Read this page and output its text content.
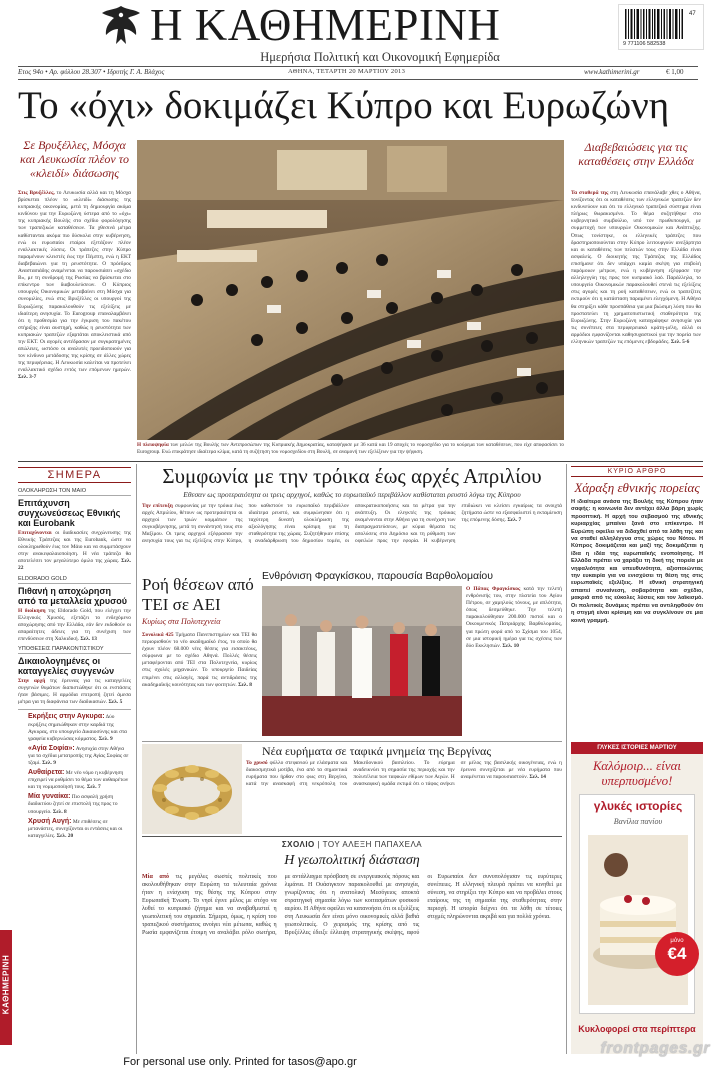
Η ΚΑΘΗΜΕΡΙΝΗ
Ημερήσια Πολιτική και Οικονομική Εφημερίδα
47
9 771106 582538
Ετος 94ο • Αρ. φύλλου 28.307 • Ιδρυτής Γ. Α. Βλάχος	ΑΘΗΝΑ, ΤΕΤΑΡΤΗ 20 ΜΑΡΤΙΟΥ 2013	www.kathimerini.gr	€ 1,00
Το «όχι» δοκιμάζει Κύπρο και Ευρωζώνη
Σε Βρυξέλλες, Μόσχα και Λευκωσία πλέον το «κλειδί» διάσωσης
Στις Βρυξέλλες, το Λευκωσία αλλά και τη Μόσχα βρίσκεται πλέον το «κλειδί» διάσωσης της κυπριακής οικονομίας, μετά τη δημιουργία ακόμα κινδύνου για την Ευρωζώνη ύστερα από το «όχι» της κυπριακής Βουλής στο σχέδιο φορολόγησης των τραπεζικών καταθέσεων. Τα χθεσινά μέτρα καθίστανται ακόμα πιο δύσκολα στην κυβέρνηση, ενώ οι ευρωπαίοι εταίροι εξετάζουν πλέον εναλλακτικές λύσεις. Οι τράπεζες στην Κύπρο παραμένουν κλειστές έως την Πέμπτη, ενώ η ΕΚΤ διαβεβαιώνει για τη ρευστότητα. Ο πρόεδρος Αναστασιάδης αναμένεται να παρουσιάσει «σχέδιο Β», με τη συνδρομή της Ρωσίας να βρίσκεται στο επίκεντρο των διαβουλεύσεων. Ο Κύπριος υπουργός Οικονομικών μεταβαίνει στη Μόσχα για συνομιλίες, ενώ στις Βρυξέλλες οι υπουργοί της Ευρωζώνης παρακολουθούν τις εξελίξεις με ιδιαίτερη ανησυχία. Το Eurogroup επαναλαμβάνει ότι η προθεσμία για την έγκριση του πακέτου στήριξης είναι αυστηρή, καθώς η ρευστότητα των κυπριακών τραπεζών εξαρτάται αποκλειστικά από την ΕΚΤ. Οι αγορές αντέδρασαν με συγκρατημένες απώλειες, ωστόσο οι αναλυτές προειδοποιούν για τον κίνδυνο μετάδοσης της κρίσης σε άλλες χώρες της περιφέρειας. Η Λευκωσία καλείται να προτείνει εναλλακτικό σχέδιο εντός των επόμενων ημερών. Σελ. 3-7
Η πλειοψηφία των μελών της Βουλής των Αντιπροσώπων της Κυπριακής Δημοκρατίας, καταψήφισε με 36 κατά και 19 αποχές το νομοσχέδιο για το κούρεμα των καταθέσεων, που είχε αποφασίσει το Eurogroup. Ενώ επικράτησε ιδιαίτερα κλίμα, κατά τη συζήτηση του νομοσχεδίου στη Βουλή, σε αναμονή των εξελίξεων για την ψήφιση.
Διαβεβαιώσεις για τις καταθέσεις στην Ελλάδα
Τα σταθερά της στη Λευκωσία επανάλαβε χθες ο Αθήνα, τονίζοντας ότι οι καταθέσεις των ελληνικών τραπεζών δεν κινδυνεύουν και ότι το ελληνικό τραπεζικό σύστημα είναι πλήρως θωρακισμένο. Το θέμα συζητήθηκε στο κυβερνητικό συμβούλιο, υπό τον πρωθυπουργό, με συμμετοχή των υπουργών Οικονομικών και Ανάπτυξης. Όπως τονίστηκε, οι ελληνικές τράπεζες που δραστηριοποιούνται στην Κύπρο λειτουργούν ανεξάρτητα και οι καταθέσεις των πελατών τους στην Ελλάδα είναι ασφαλείς. Ο διοικητής της Τράπεζας της Ελλάδος επισήμανε ότι δεν υπάρχει καμία σκέψη για επιβολή παρόμοιων μέτρων, ενώ η κυβέρνηση εξέφρασε την αλληλεγγύη της προς τον κυπριακό λαό. Παράλληλα, το υπουργείο Οικονομικών παρακολουθεί στενά τις εξελίξεις στις αγορές και τη ροή καταθέσεων, ενώ οι τραπεζίτες εκτιμούν ότι η κατάσταση παραμένει ελεγχόμενη. Η Αθήνα θα στηρίξει κάθε προσπάθεια για μια βιώσιμη λύση που θα προστατεύει τη χρηματοπιστωτική σταθερότητα της Ευρωζώνης. Στην Ευρωζώνη καταγράφηκε ανησυχία για τις συνέπειες στα περιφερειακά κράτη-μέλη, αλλά οι αρμόδιοι εμφανίζονται καθησυχαστικοί για την πορεία των ελληνικών τραπεζών τις επόμενες εβδομάδες. Σελ. 5-6
ΣΗΜΕΡΑ
ΟΛΟΚΛΗΡΩΣΗ ΤΟΝ ΜΑΙΟ
Επιτάχυνση συγχωνεύσεως Εθνικής και Eurobank
Επιταχύνονται οι διαδικασίες συγχώνευσης της Εθνικής Τράπεζας και της Eurobank, ώστε να ολοκληρωθούν έως τον Μάιο και να συμμετάσχουν στην ανακεφαλαιοποίηση. Η νέα τράπεζα θα αποτελέσει τον μεγαλύτερο όμιλο της χώρας. Σελ. 22
ELDORADO GOLD
Πιθανή η αποχώρηση από τα μεταλλεία χρυσού
Η διοίκηση της Eldorado Gold, που ελέγχει την Ελληνικός Χρυσός, εξετάζει το ενδεχόμενο αποχώρησης από την Ελλάδα, εάν δεν εκδοθούν οι απαραίτητες άδειες για τη συνέχιση των επενδύσεων στη Χαλκιδική. Σελ. 13
ΥΠΟΘΕΣΕΙΣ ΠΑΡΑΚΟΝΤΙΣΤΙΚΟΥ
Δικαιολογημένες οι καταγγελίες συγγενών
Στην αρχή της έρευνας για τις καταγγελίες συγγενών θυμάτων διαπιστώθηκε ότι οι ενστάσεις ήταν βάσιμες. Η αρμόδια επιτροπή ζητεί άμεσα μέτρα για τη διαφάνεια των διαδικασιών. Σελ. 5
Εκρήξεις στην Αγκυρα: Δύο εκρήξεις σημειώθηκαν στην καρδιά της Αγκυρας, στο υπουργείο Δικαιοσύνης και στα γραφεία κυβερνώσας κόμματος. Σελ. 9
«Αγία Σοφία»: Ανησυχία στην Αθήνα για τα σχέδια μετατροπής της Αγίας Σοφίας σε τζαμί. Σελ. 9
Αυθαίρετα: Με νέο νόμο η κυβέρνηση επιχειρεί να ρυθμίσει το θέμα των αυθαιρέτων και τη νομιμοποίησή τους. Σελ. 7
Μία γυναίκα: Πιο ασφαλή χρήση διαδικτύου ζητεί σε επιστολή της προς το υπουργείο. Σελ. 8
Χρυσή Αυγή: Με επιθέσεις σε μετανάστες, συνεχίζονται οι εντάσεις και οι καταγγελίες. Σελ. 20
ΚΑΘΗΜΕΡΙΝΗ
Συμφωνία με την τρόικα έως αρχές Απριλίου
Εθεσαν ως προτεραιότητα οι τρεις αρχηγοί, καθώς το ευρωπαϊκό περιβάλλον καθίσταται ρευστό λόγω της Κύπρου
Την επίτευξη συμφωνίας με την τρόικα έως αρχές Απριλίου, θέτουν ως προτεραιότητα οι αρχηγοί των τριών κομμάτων της συγκυβέρνησης, μετά τη συνάντησή τους στο Μαξίμου. Οι τρεις αρχηγοί εξέφρασαν την ανησυχία τους για τις εξελίξεις στην Κύπρο, που καθιστούν το ευρωπαϊκό περιβάλλον ιδιαίτερα ρευστό, και συμφώνησαν ότι η ταχύτερη δυνατή ολοκλήρωση της αξιολόγησης είναι κρίσιμη για τη σταθερότητα της χώρας. Συζητήθηκαν επίσης η αναδιάρθρωση του δημοσίου τομέα, οι αποκρατικοποιήσεις και τα μέτρα για την ανάπτυξη. Οι ελεγκτές της τρόικας αναμένονται στην Αθήνα για τη συνέχιση των διαπραγματεύσεων, με κύρια θέματα τις απολύσεις στο Δημόσιο και τη ρύθμιση των οφειλών προς την εφορία. Η κυβέρνηση επιδιώκει να κλείσει εγκαίρως τα ανοιχτά ζητήματα ώστε να εξασφαλιστεί η εκταμίευση της επόμενης δόσης. Σελ. 7
Ροή θέσεων από ΤΕΙ σε ΑΕΙ
Κυρίως στα Πολυτεχνεία
Συνολικά 425 Τμήματα Πανεπιστημίων και ΤΕΙ θα περιορισθούν το νέο ακαδημαϊκό έτος, το οποίο θα έχουν πλέον 68.000 νέες θέσεις για εισακτέους, σύμφωνα με το σχέδιο Αθηνά. Πολλές θέσεις μεταφέρονται από ΤΕΙ στα Πολυτεχνεία, κυρίως στις σχολές μηχανικών. Το υπουργείο Παιδείας επιμένει στις αλλαγές, παρά τις αντιδράσεις της ακαδημαϊκής κοινότητας και των φοιτητών. Σελ. 8
Ενθρόνιση Φραγκίσκου, παρουσία Βαρθολομαίου
Ο Πάπας Φραγκίσκος κατά την τελετή ενθρόνισής του, στην πλατεία του Αγίου Πέτρου, σε χαμηλούς τόνους, με απλότητα, όπως δεσμεύθηκε. Την τελετή παρακολούθησαν 200.000 πιστοί και ο Οικουμενικός Πατριάρχης Βαρθολομαίος, για πρώτη φορά από το Σχίσμα του 1054, σε μια ιστορική ημέρα για τις σχέσεις των δύο Εκκλησιών. Σελ. 10
Νέα ευρήματα σε ταφικά μνημεία της Βεργίνας
Το χρυσό φύλλο στεφανιού με ελάσματα και διακοσμητικά μοτίβα, ένα από τα σημαντικά ευρήματα που ήρθαν στο φως στη Βεργίνα, κατά την ανασκαφή στη νεκρόπολη του Μακεδονικού βασιλείου. Το εύρημα αναδεικνύει τη σημασία της περιοχής και την πολυτέλεια των ταφικών εθίμων των Αιγών. Η ανασκαφική ομάδα εκτιμά ότι ο τάφος ανήκει σε μέλος της βασιλικής οικογένειας, ενώ η έρευνα συνεχίζεται με νέα ευρήματα που αναμένεται να παρουσιαστούν. Σελ. 14
ΣΧΟΛΙΟ | ΤΟΥ ΑΛΕΞΗ ΠΑΠΑΧΕΛΑ
Η γεωπολιτική διάσταση
Μία από τις μεγάλες σωστές πολιτικές που ακολουθήθηκαν στην Ευρώπη τα τελευταία χρόνια ήταν η ενίσχυση της θέσης της Κύπρου στην Ευρωπαϊκή Ένωση. Το νησί έγινε μέλος με στόχο να λυθεί το κυπριακό ζήτημα και να αναβαθμιστεί η γεωπολιτική του σημασία. Σήμερα, όμως, η κρίση του τραπεζικού συστήματος ανοίγει νέα μέτωπα, καθώς η Ρωσία εμφανίζεται έτοιμη να αναλάβει ρόλο σωτήρα, με αντάλλαγμα πρόσβαση σε ενεργειακούς πόρους και λιμάνια. Η Ουάσιγκτον παρακολουθεί με ανησυχία, γνωρίζοντας ότι η ανατολική Μεσόγειος αποκτά στρατηγική σημασία λόγω των κοιτασμάτων φυσικού αερίου. Η Αθήνα οφείλει να κατανοήσει ότι οι εξελίξεις στη Λευκωσία δεν είναι μόνο οικονομικές αλλά βαθιά γεωπολιτικές. Ο χειρισμός της κρίσης από τις Βρυξέλλες έδειξε έλλειψη στρατηγικής σκέψης, αφού οι Ευρωπαίοι δεν συνυπολόγισαν τις ευρύτερες συνέπειες. Η ελληνική πλευρά πρέπει να κινηθεί με σύνεση, να στηρίξει την Κύπρο και να προβάλει στους εταίρους της τη σημασία της σταθερότητας στην περιοχή. Η ιστορία δείχνει ότι τα λάθη σε τέτοιες στιγμές πληρώνονται ακριβά και για πολλά χρόνια.
ΚΥΡΙΟ ΑΡΘΡΟ
Χάραξη εθνικής πορείας
Η ιδιαίτερα ανάσα της Βουλής της Κύπρου ήταν σαφής: η κοινωνία δεν αντέχει άλλα βάρη χωρίς προοπτική. Η αρχή του σεβασμού της εθνικής κυριαρχίας μπαίνει ξανά στο επίκεντρο. Η Ευρώπη οφείλει να διδαχθεί από τα λάθη της και να σταθεί αλληλέγγυα στις χώρες του Νότου. Η Κύπρος δοκιμάζεται και μαζί της δοκιμάζεται η ίδια η ιδέα της ευρωπαϊκής ενοποίησης. Η Ελλάδα πρέπει να χαράξει τη δική της πορεία με νηφαλιότητα και υπευθυνότητα, αξιοποιώντας την ευκαιρία για να ενισχύσει τη θέση της στις ευρωπαϊκές εξελίξεις. Η εθνική στρατηγική απαιτεί συναίνεση, σοβαρότητα και σχέδιο, μακριά από τις εύκολες λύσεις και τον λαϊκισμό. Οι πολιτικές δυνάμεις πρέπει να αντιληφθούν ότι η στιγμή είναι κρίσιμη και να συγκλίνουν σε μια κοινή γραμμή.
ΓΛΥΚΕΣ ΙΣΤΟΡΙΕΣ ΜΑΡΤΙΟΥ
Καλόμοιρ... είναι υπερπυσμένο!
γλυκές ιστορίες
Βανίλια πανίου
μόνο
€4
Κυκλοφορεί στα περίπτερα
For personal use only. Printed for tasos@apo.gr
frontpages.gr
